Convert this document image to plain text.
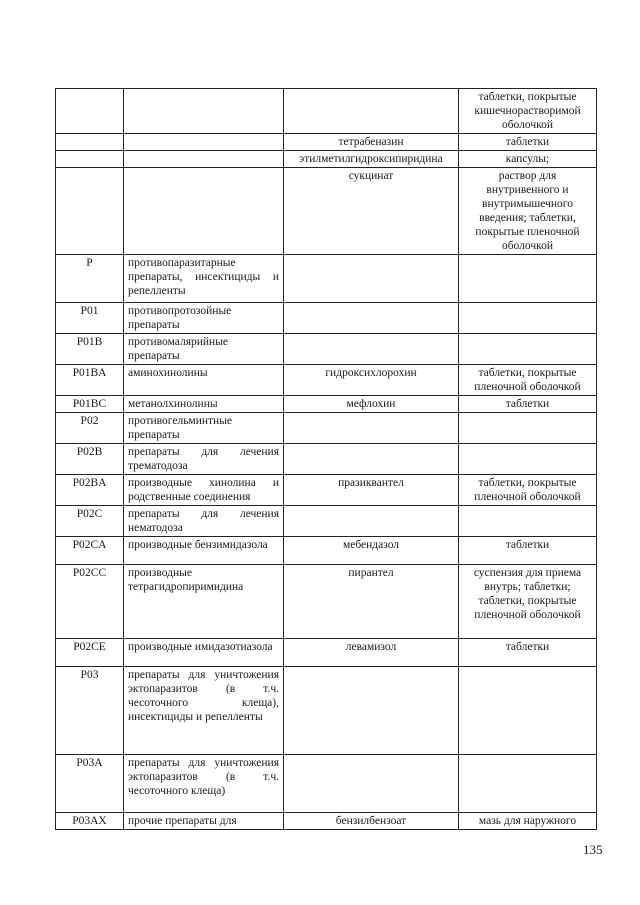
			таблетки, покрытые кишечнорастворимой оболочкой
		тетрабеназин	таблетки
		этилметилгидроксипиридина	капсулы;
		сукцинат	раствор для внутривенного и внутримышечного введения; таблетки, покрытые пленочной оболочкой
P	противопаразитарные препараты, инсектициды и репелленты		
P01	противопротозойные препараты		
P01B	противомалярийные препараты		
P01BA	аминохинолины	гидроксихлорохин	таблетки, покрытые пленочной оболочкой
P01BC	метанолхинолины	мефлохин	таблетки
P02	противогельминтные препараты		
P02B	препараты для лечения трематодоза		
P02BA	производные хинолина и родственные соединения	празиквантел	таблетки, покрытые пленочной оболочкой
P02C	препараты для лечения нематодоза		
P02CA	производные бензимидазола	мебендазол	таблетки
P02CC	производные тетрагидропиримидина	пирантел	суспензия для приема внутрь; таблетки; таблетки, покрытые пленочной оболочкой
P02CE	производные имидазотиазола	левамизол	таблетки
P03	препараты для уничтожения эктопаразитов (в т.ч. чесоточного клеща), инсектициды и репелленты		
P03A	препараты для уничтожения эктопаразитов (в т.ч. чесоточного клеща)		
P03AX	прочие препараты для	бензилбензоат	мазь для наружного
135
